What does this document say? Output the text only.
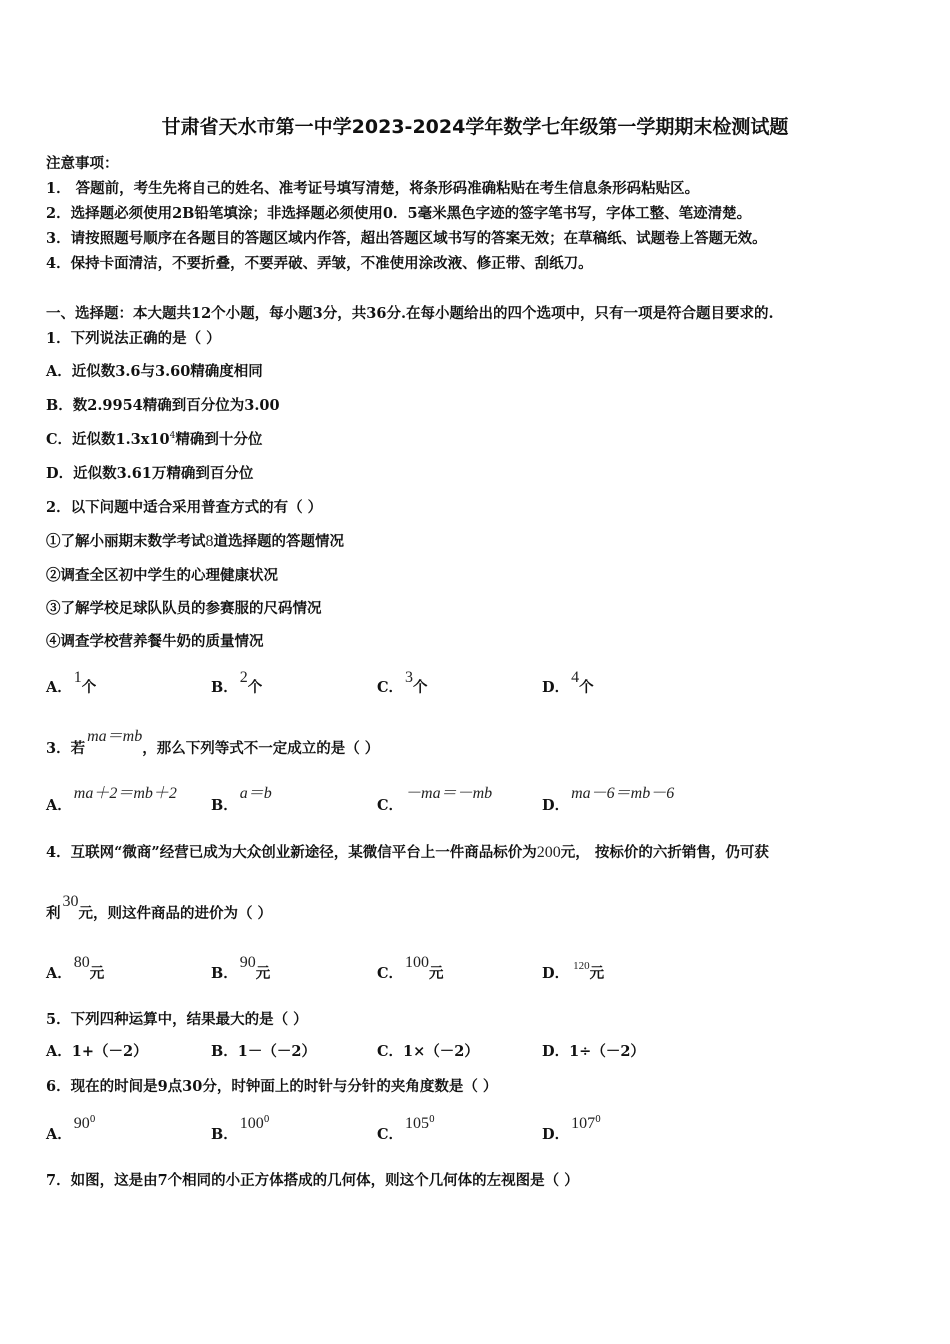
甘肃省天水市第一中学2023-2024学年数学七年级第一学期期末检测试题
注意事项：
1． 答题前，考生先将自己的姓名、准考证号填写清楚，将条形码准确粘贴在考生信息条形码粘贴区。
2．选择题必须使用2B铅笔填涂；非选择题必须使用0．5毫米黑色字迹的签字笔书写，字体工整、笔迹清楚。
3．请按照题号顺序在各题目的答题区域内作答，超出答题区域书写的答案无效；在草稿纸、试题卷上答题无效。
4．保持卡面清洁，不要折叠，不要弄破、弄皱，不准使用涂改液、修正带、刮纸刀。
一、选择题：本大题共12个小题，每小题3分，共36分.在每小题给出的四个选项中，只有一项是符合题目要求的.
1．下列说法正确的是（ ）
A．近似数3.6与3.60精确度相同
B．数2.9954精确到百分位为3.00
C．近似数$1.3x10^4$精确到十分位
D．近似数3.61万精确到百分位
2．以下问题中适合采用普查方式的有（ ）
①了解小丽期末数学考试8道选择题的答题情况
②调查全区初中学生的心理健康状况
③了解学校足球队队员的参赛服的尺码情况
④调查学校营养餐牛奶的质量情况
A．1个	B．2个	C．3个	D．4个
3．若ma＝mb，那么下列等式不一定成立的是（ ）
A．ma＋2＝mb＋2
B．a＝b
C．－ma＝－mb
D．ma－6＝mb－6
4．互联网“微商”经营已成为大众创业新途径，某微信平台上一件商品标价为200元， 按标价的六折销售，仍可获
利30元，则这件商品的进价为（ ）
A．80元	B．90元	C．100元	D． $^{120}$元
5．下列四种运算中，结果最大的是（ ）
A．1+（－2）	B．1－（－2）	C．1×（－2）	D．1÷（－2）
6．现在的时间是9点30分，时钟面上的时针与分针的夹角度数是（ ）
A．$90^0$
B．$100^0$
C．$105^0$
D．$107^0$
7．如图，这是由7个相同的小正方体搭成的几何体，则这个几何体的左视图是（ ）
